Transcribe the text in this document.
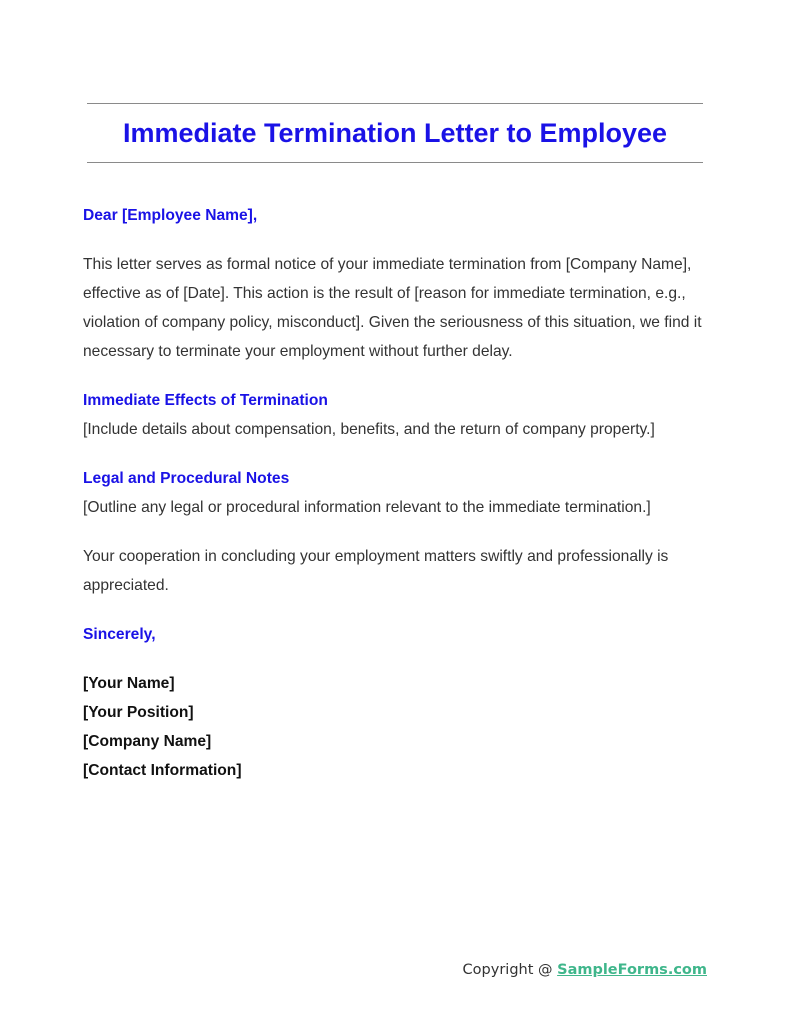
Immediate Termination Letter to Employee

Dear [Employee Name],

This letter serves as formal notice of your immediate termination from [Company Name], effective as of [Date]. This action is the result of [reason for immediate termination, e.g., violation of company policy, misconduct]. Given the seriousness of this situation, we find it necessary to terminate your employment without further delay.

Immediate Effects of Termination

[Include details about compensation, benefits, and the return of company property.]

Legal and Procedural Notes

[Outline any legal or procedural information relevant to the immediate termination.]

Your cooperation in concluding your employment matters swiftly and professionally is appreciated.

Sincerely,

[Your Name]

[Your Position]

[Company Name]

[Contact Information]

Copyright @ SampleForms.com
